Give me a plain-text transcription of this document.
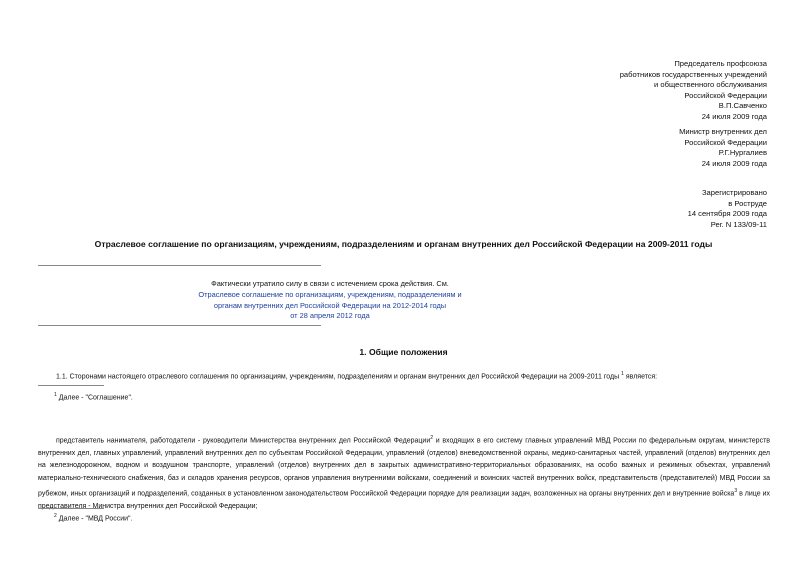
Председатель профсоюза
работников государственных учреждений
и общественного обслуживания
Российской Федерации
В.П.Савченко
24 июля 2009 года
Министр внутренних дел
Российской Федерации
Р.Г.Нургалиев
24 июля 2009 года
Зарегистрировано
в Роструде
14 сентября 2009 года
Рег. N 133/09-11
Отраслевое соглашение по организациям, учреждениям, подразделениям и органам внутренних дел Российской Федерации на 2009-2011 годы
Фактически утратило силу в связи с истечением срока действия. См.
Отраслевое соглашение по организациям, учреждениям, подразделениям и
органам внутренних дел Российской Федерации на 2012-2014 годы
от 28 апреля 2012 года
1. Общие положения
1.1. Сторонами настоящего отраслевого соглашения по организациям, учреждениям, подразделениям и органам внутренних дел Российской Федерации на 2009-2011 годы $^1$ является:
$^1$ Далее - "Соглашение".
представитель нанимателя, работодатели - руководители Министерства внутренних дел Российской Федерации$^2$ и входящих в его систему главных управлений МВД России по федеральным округам, министерств внутренних дел, главных управлений, управлений внутренних дел по субъектам Российской Федерации, управлений (отделов) вневедомственной охраны, медико-санитарных частей, управлений (отделов) внутренних дел на железнодорожном, водном и воздушном транспорте, управлений (отделов) внутренних дел в закрытых административно-территориальных образованиях, на особо важных и режимных объектах, управлений материально-технического снабжения, баз и складов хранения ресурсов, органов управления внутренними войсками, соединений и воинских частей внутренних войск, представительств (представителей) МВД России за рубежом, иных организаций и подразделений, созданных в установленном законодательством Российской Федерации порядке для реализации задач, возложенных на органы внутренних дел и внутренние войска$^3$ в лице их представителя - Министра внутренних дел Российской Федерации;
$^2$ Далее - "МВД России".
